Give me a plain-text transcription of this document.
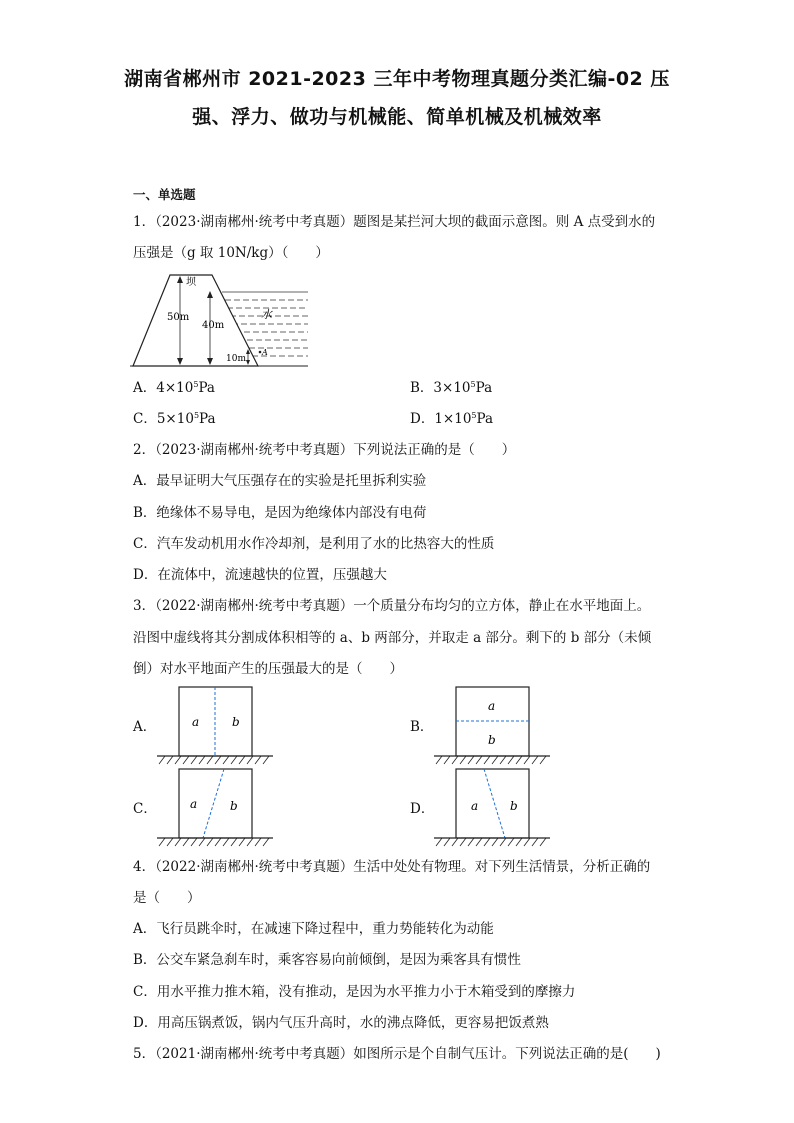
湖南省郴州市 2021-2023 三年中考物理真题分类汇编-02 压
强、浮力、做功与机械能、简单机械及机械效率
一、单选题
1．（2023·湖南郴州·统考中考真题）题图是某拦河大坝的截面示意图。则 A 点受到水的
压强是（g 取 10N/kg）（　　）
坝
水
50m
40m
10m
A
A．$4\times 10^5Pa$	B．$3\times 10^5Pa$
C．$5\times 10^5Pa$	D．$1\times 10^5Pa$
2．（2023·湖南郴州·统考中考真题）下列说法正确的是（　　）
A．最早证明大气压强存在的实验是托里拆利实验
B．绝缘体不易导电，是因为绝缘体内部没有电荷
C．汽车发动机用水作冷却剂，是利用了水的比热容大的性质
D．在流体中，流速越快的位置，压强越大
3．（2022·湖南郴州·统考中考真题）一个质量分布均匀的立方体，静止在水平地面上。
沿图中虚线将其分割成体积相等的 a、b 两部分，并取走 a 部分。剩下的 b 部分（未倾
倒）对水平地面产生的压强最大的是（　　）
A．	a	b	B．
a
b
C．	a	b	D．	a	b
4．（2022·湖南郴州·统考中考真题）生活中处处有物理。对下列生活情景，分析正确的
是（　　）
A．飞行员跳伞时，在减速下降过程中，重力势能转化为动能
B．公交车紧急刹车时，乘客容易向前倾倒，是因为乘客具有惯性
C．用水平推力推木箱，没有推动，是因为水平推力小于木箱受到的摩擦力
D．用高压锅煮饭，锅内气压升高时，水的沸点降低，更容易把饭煮熟
5．（2021·湖南郴州·统考中考真题）如图所示是个自制气压计。下列说法正确的是(　　)
